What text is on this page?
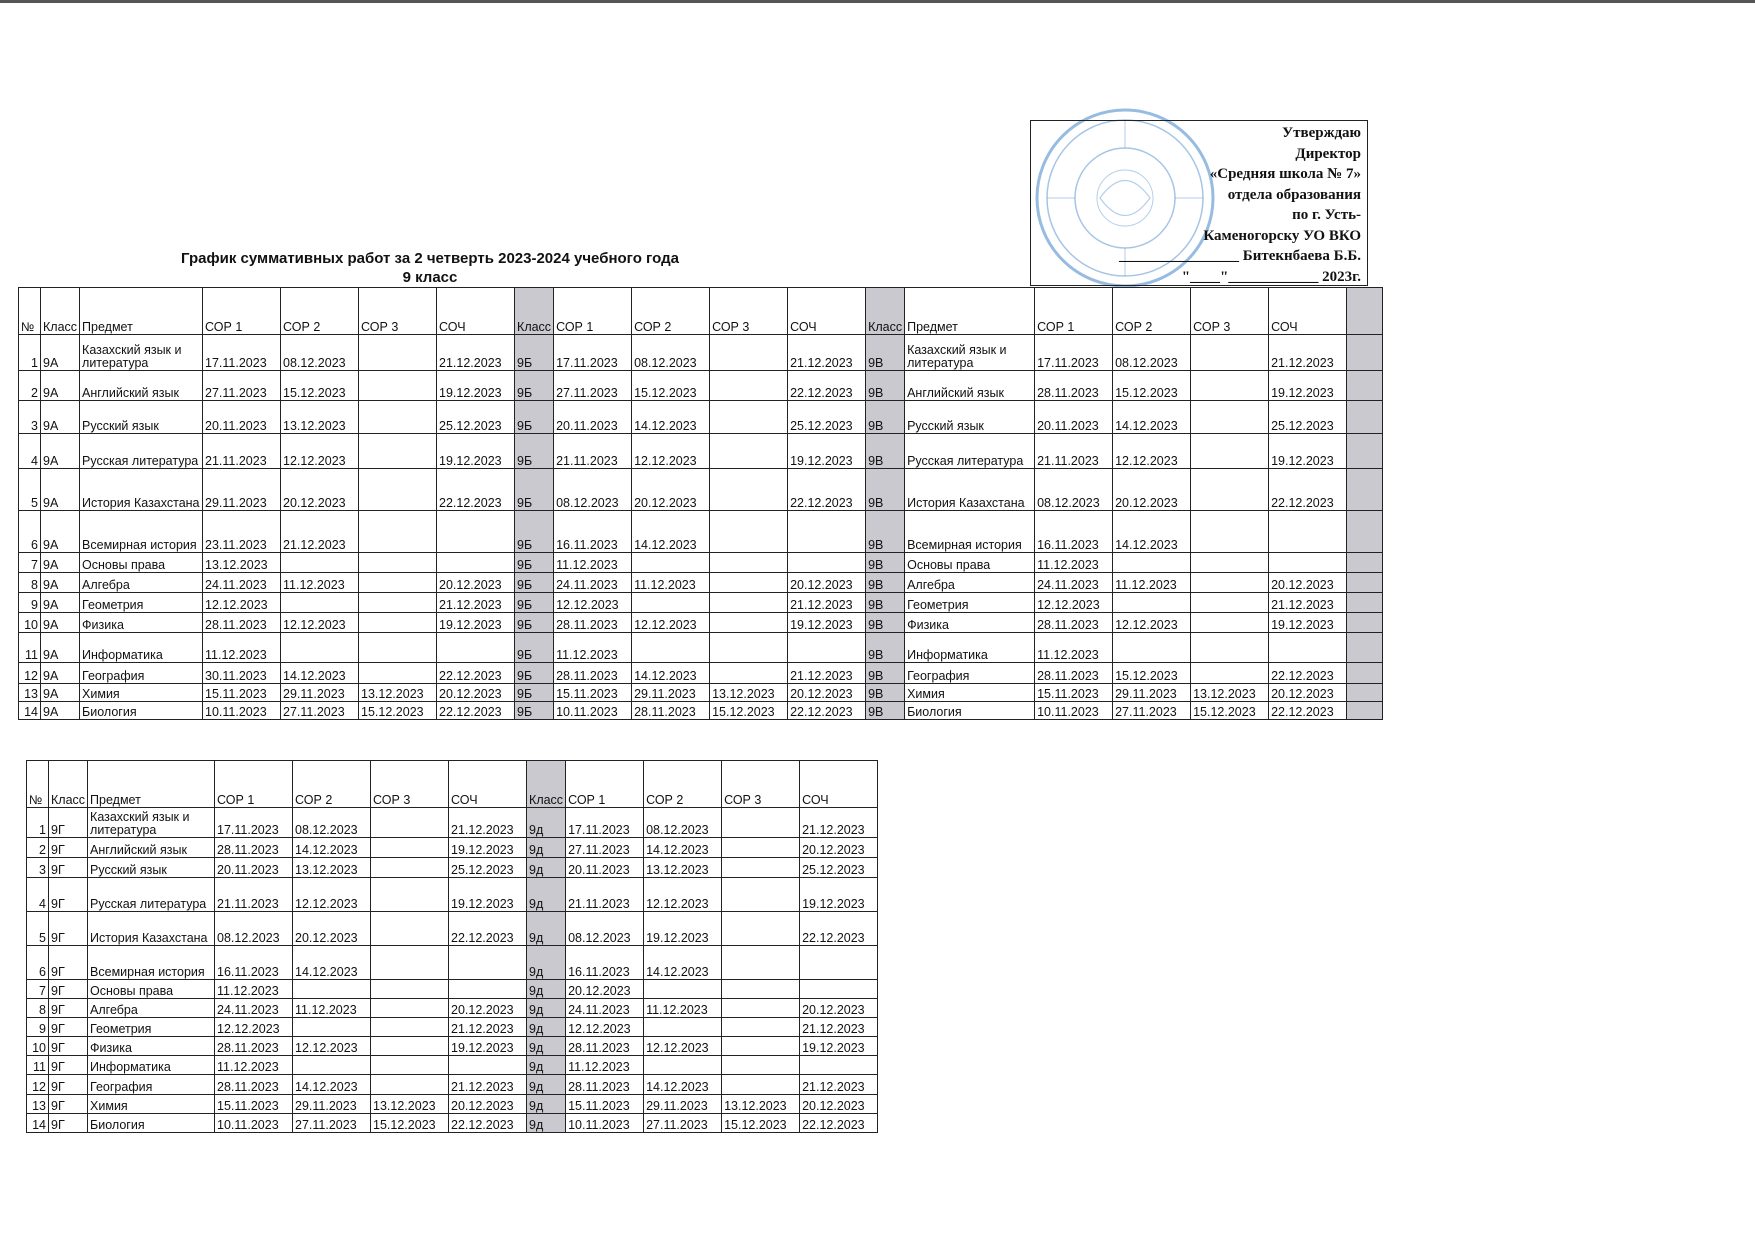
Утверждаю
Директор
«Средняя школа № 7»
отдела образования
по г. Усть-
Каменогорску УО ВКО
________________ Битекнбаева Б.Б.
"____"____________ 2023г.
График суммативных работ за 2 четверть 2023-2024 учебного года
9 класс
№	Класс	Предмет	СОР 1	СОР 2	СОР 3	СОЧ	Класс	СОР 1	СОР 2	СОР 3	СОЧ	Класс	Предмет	СОР 1	СОР 2	СОР 3	СОЧ	
1	9А	Казахский язык и литература	17.11.2023	08.12.2023		21.12.2023	9Б	17.11.2023	08.12.2023		21.12.2023	9В	Казахский язык и литература	17.11.2023	08.12.2023		21.12.2023	
2	9А	Английский язык	27.11.2023	15.12.2023		19.12.2023	9Б	27.11.2023	15.12.2023		22.12.2023	9В	Английский язык	28.11.2023	15.12.2023		19.12.2023	
3	9А	Русский язык	20.11.2023	13.12.2023		25.12.2023	9Б	20.11.2023	14.12.2023		25.12.2023	9В	Русский язык	20.11.2023	14.12.2023		25.12.2023	
4	9А	Русская литература	21.11.2023	12.12.2023		19.12.2023	9Б	21.11.2023	12.12.2023		19.12.2023	9В	Русская литература	21.11.2023	12.12.2023		19.12.2023	
5	9А	История Казахстана	29.11.2023	20.12.2023		22.12.2023	9Б	08.12.2023	20.12.2023		22.12.2023	9В	История Казахстана	08.12.2023	20.12.2023		22.12.2023	
6	9А	Всемирная история	23.11.2023	21.12.2023			9Б	16.11.2023	14.12.2023			9В	Всемирная история	16.11.2023	14.12.2023			
7	9А	Основы права	13.12.2023				9Б	11.12.2023				9В	Основы права	11.12.2023				
8	9А	Алгебра	24.11.2023	11.12.2023		20.12.2023	9Б	24.11.2023	11.12.2023		20.12.2023	9В	Алгебра	24.11.2023	11.12.2023		20.12.2023	
9	9А	Геометрия	12.12.2023			21.12.2023	9Б	12.12.2023			21.12.2023	9В	Геометрия	12.12.2023			21.12.2023	
10	9А	Физика	28.11.2023	12.12.2023		19.12.2023	9Б	28.11.2023	12.12.2023		19.12.2023	9В	Физика	28.11.2023	12.12.2023		19.12.2023	
11	9А	Информатика	11.12.2023				9Б	11.12.2023				9В	Информатика	11.12.2023				
12	9А	География	30.11.2023	14.12.2023		22.12.2023	9Б	28.11.2023	14.12.2023		21.12.2023	9В	География	28.11.2023	15.12.2023		22.12.2023	
13	9А	Химия	15.11.2023	29.11.2023	13.12.2023	20.12.2023	9Б	15.11.2023	29.11.2023	13.12.2023	20.12.2023	9В	Химия	15.11.2023	29.11.2023	13.12.2023	20.12.2023	
14	9А	Биология	10.11.2023	27.11.2023	15.12.2023	22.12.2023	9Б	10.11.2023	28.11.2023	15.12.2023	22.12.2023	9В	Биология	10.11.2023	27.11.2023	15.12.2023	22.12.2023	
№	Класс	Предмет	СОР 1	СОР 2	СОР 3	СОЧ	Класс	СОР 1	СОР 2	СОР 3	СОЧ
1	9Г	Казахский язык и литература	17.11.2023	08.12.2023		21.12.2023	9д	17.11.2023	08.12.2023		21.12.2023
2	9Г	Английский язык	28.11.2023	14.12.2023		19.12.2023	9д	27.11.2023	14.12.2023		20.12.2023
3	9Г	Русский язык	20.11.2023	13.12.2023		25.12.2023	9д	20.11.2023	13.12.2023		25.12.2023
4	9Г	Русская литература	21.11.2023	12.12.2023		19.12.2023	9д	21.11.2023	12.12.2023		19.12.2023
5	9Г	История Казахстана	08.12.2023	20.12.2023		22.12.2023	9д	08.12.2023	19.12.2023		22.12.2023
6	9Г	Всемирная история	16.11.2023	14.12.2023			9д	16.11.2023	14.12.2023		
7	9Г	Основы права	11.12.2023				9д	20.12.2023			
8	9Г	Алгебра	24.11.2023	11.12.2023		20.12.2023	9д	24.11.2023	11.12.2023		20.12.2023
9	9Г	Геометрия	12.12.2023			21.12.2023	9д	12.12.2023			21.12.2023
10	9Г	Физика	28.11.2023	12.12.2023		19.12.2023	9д	28.11.2023	12.12.2023		19.12.2023
11	9Г	Информатика	11.12.2023				9д	11.12.2023			
12	9Г	География	28.11.2023	14.12.2023		21.12.2023	9д	28.11.2023	14.12.2023		21.12.2023
13	9Г	Химия	15.11.2023	29.11.2023	13.12.2023	20.12.2023	9д	15.11.2023	29.11.2023	13.12.2023	20.12.2023
14	9Г	Биология	10.11.2023	27.11.2023	15.12.2023	22.12.2023	9д	10.11.2023	27.11.2023	15.12.2023	22.12.2023
